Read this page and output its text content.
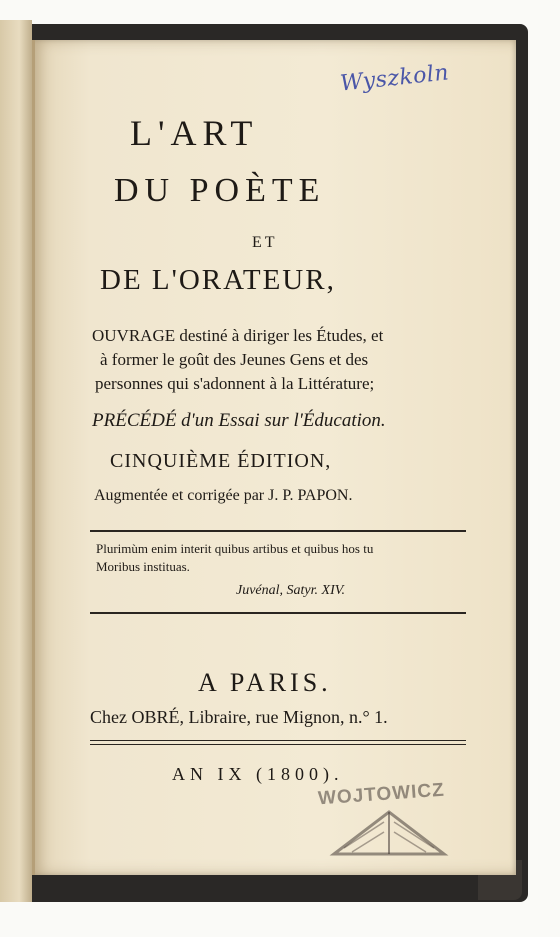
Wyszkoln
L'ART
DU POÈTE
ET
DE L'ORATEUR,
OUVRAGE destiné à diriger les Études, et
à former le goût des Jeunes Gens et des
personnes qui s'adonnent à la Littérature;
PRÉCÉDÉ d'un Essai sur l'Éducation.
CINQUIÈME ÉDITION,
Augmentée et corrigée par J. P. PAPON.
Plurimùm enim interit quibus artibus et quibus hos tu
Moribus instituas.
Juvénal, Satyr. XIV.
A PARIS.
Chez OBRÉ, Libraire, rue Mignon, n.° 1.
AN IX (1800).
WOJTOWICZ
